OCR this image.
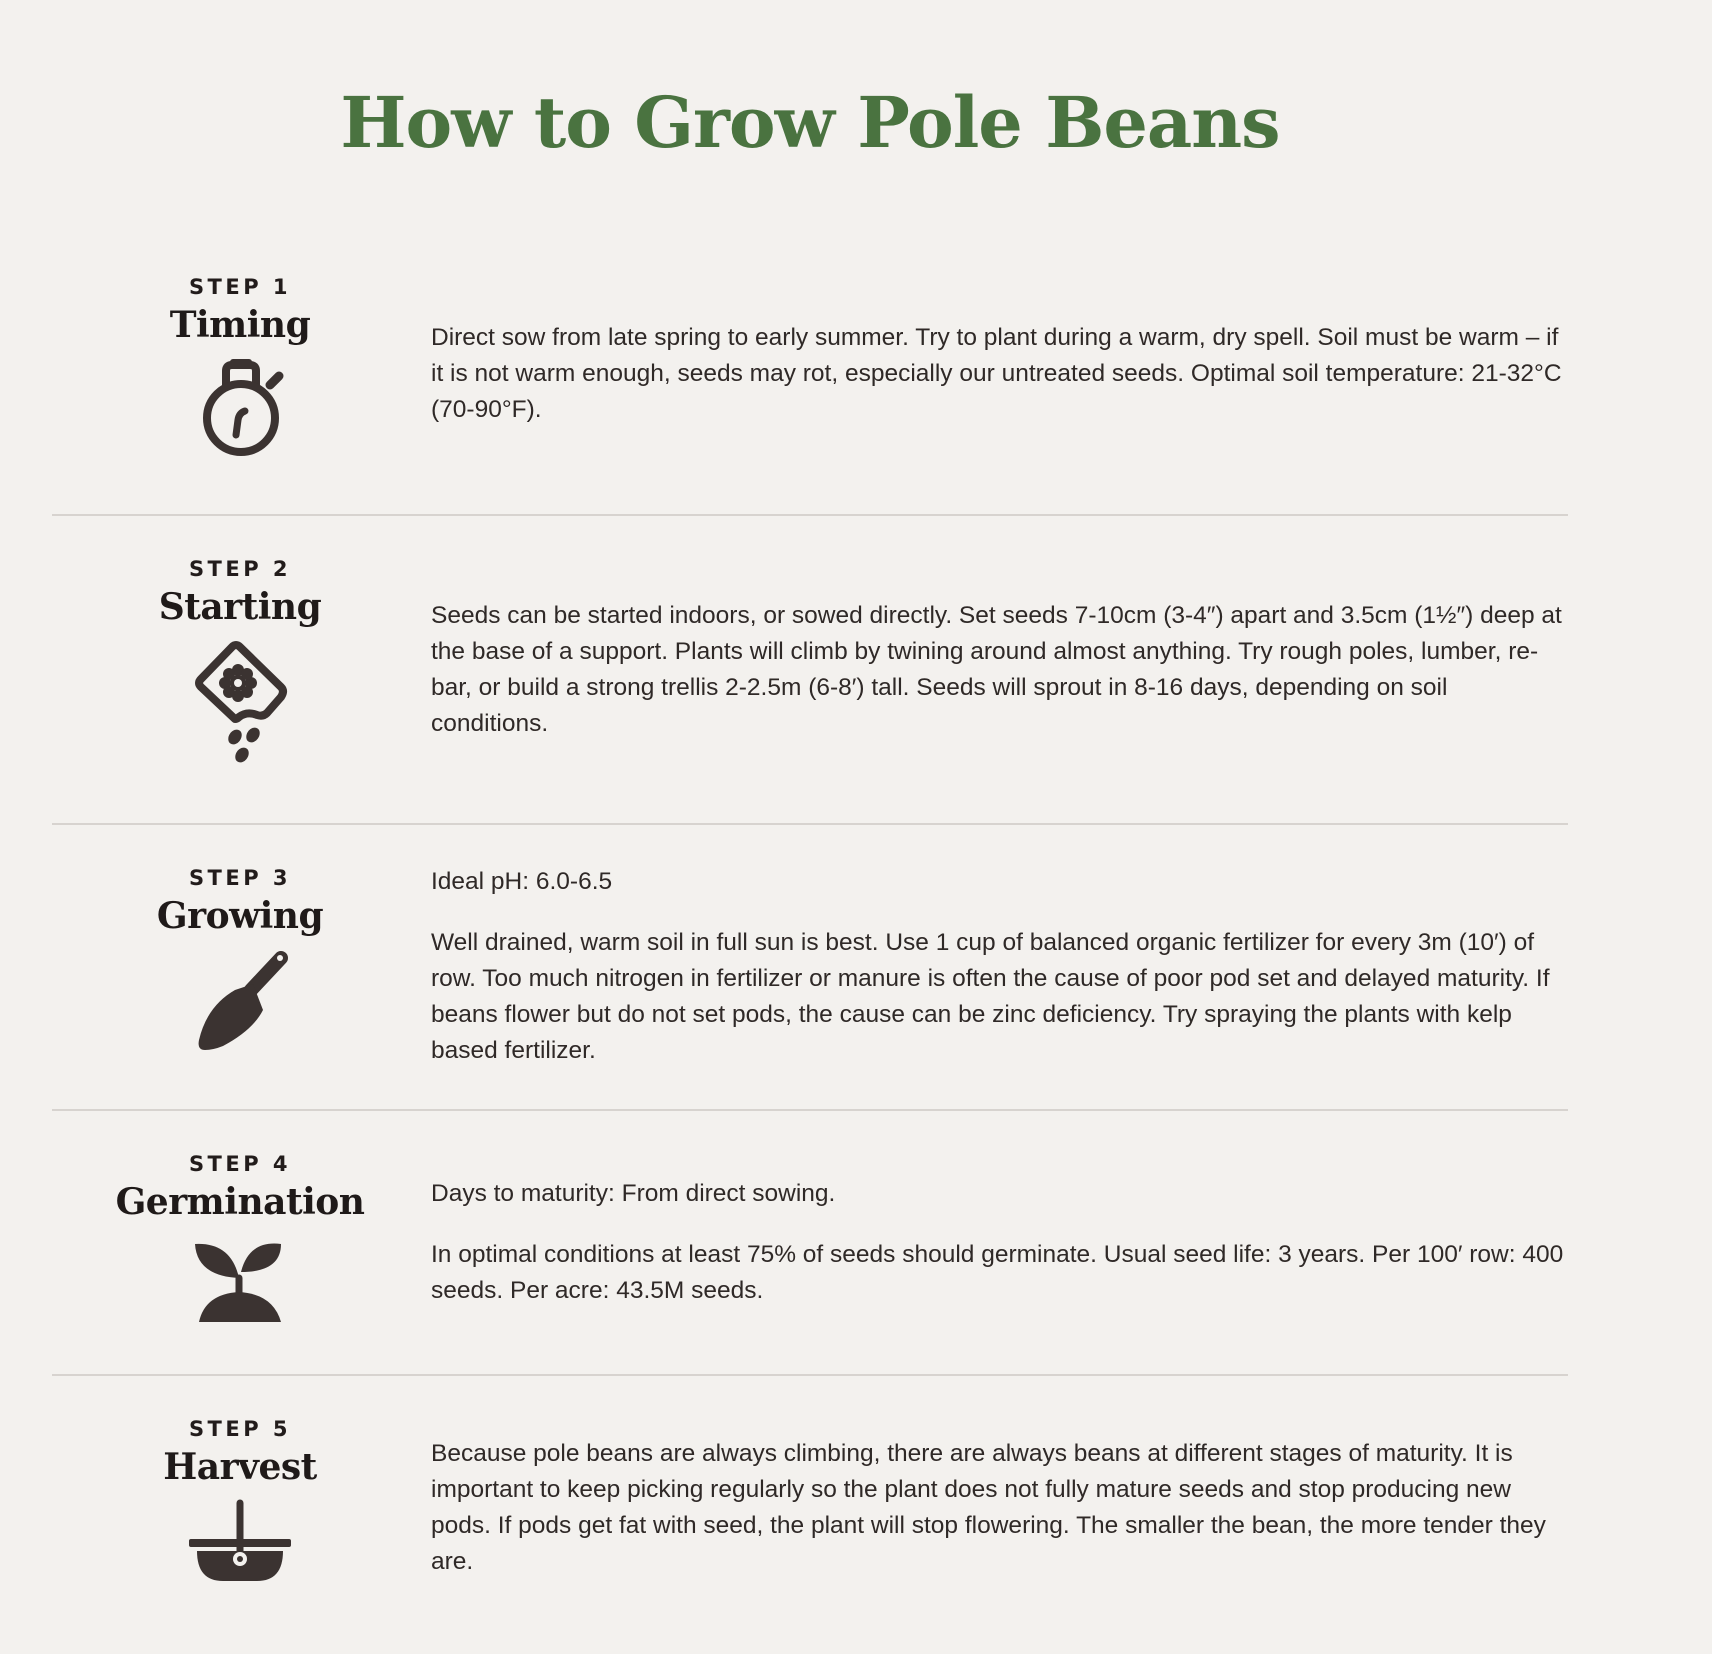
How to Grow Pole Beans
STEP 1
Timing	Direct sow from late spring to early summer. Try to plant during a warm, dry spell. Soil must be warm – if it is not warm enough, seeds may rot, especially our untreated seeds. Optimal soil temperature: 21-32°C (70-90°F).

STEP 2
Starting	Seeds can be started indoors, or sowed directly. Set seeds 7-10cm (3-4″) apart and 3.5cm (1½″) deep at the base of a support. Plants will climb by twining around almost anything. Try rough poles, lumber, re-bar, or build a strong trellis 2-2.5m (6-8′) tall. Seeds will sprout in 8-16 days, depending on soil conditions.

STEP 3
Growing

Ideal pH: 6.0-6.5

Well drained, warm soil in full sun is best. Use 1 cup of balanced organic fertilizer for every 3m (10′) of row. Too much nitrogen in fertilizer or manure is often the cause of poor pod set and delayed maturity. If beans flower but do not set pods, the cause can be zinc deficiency. Try spraying the plants with kelp based fertilizer.

STEP 4
Germination	Days to maturity: From direct sowing.

In optimal conditions at least 75% of seeds should germinate. Usual seed life: 3 years. Per 100′ row: 400 seeds. Per acre: 43.5M seeds.

STEP 5
Harvest	Because pole beans are always climbing, there are always beans at different stages of maturity. It is important to keep picking regularly so the plant does not fully mature seeds and stop producing new pods. If pods get fat with seed, the plant will stop flowering. The smaller the bean, the more tender they are.
